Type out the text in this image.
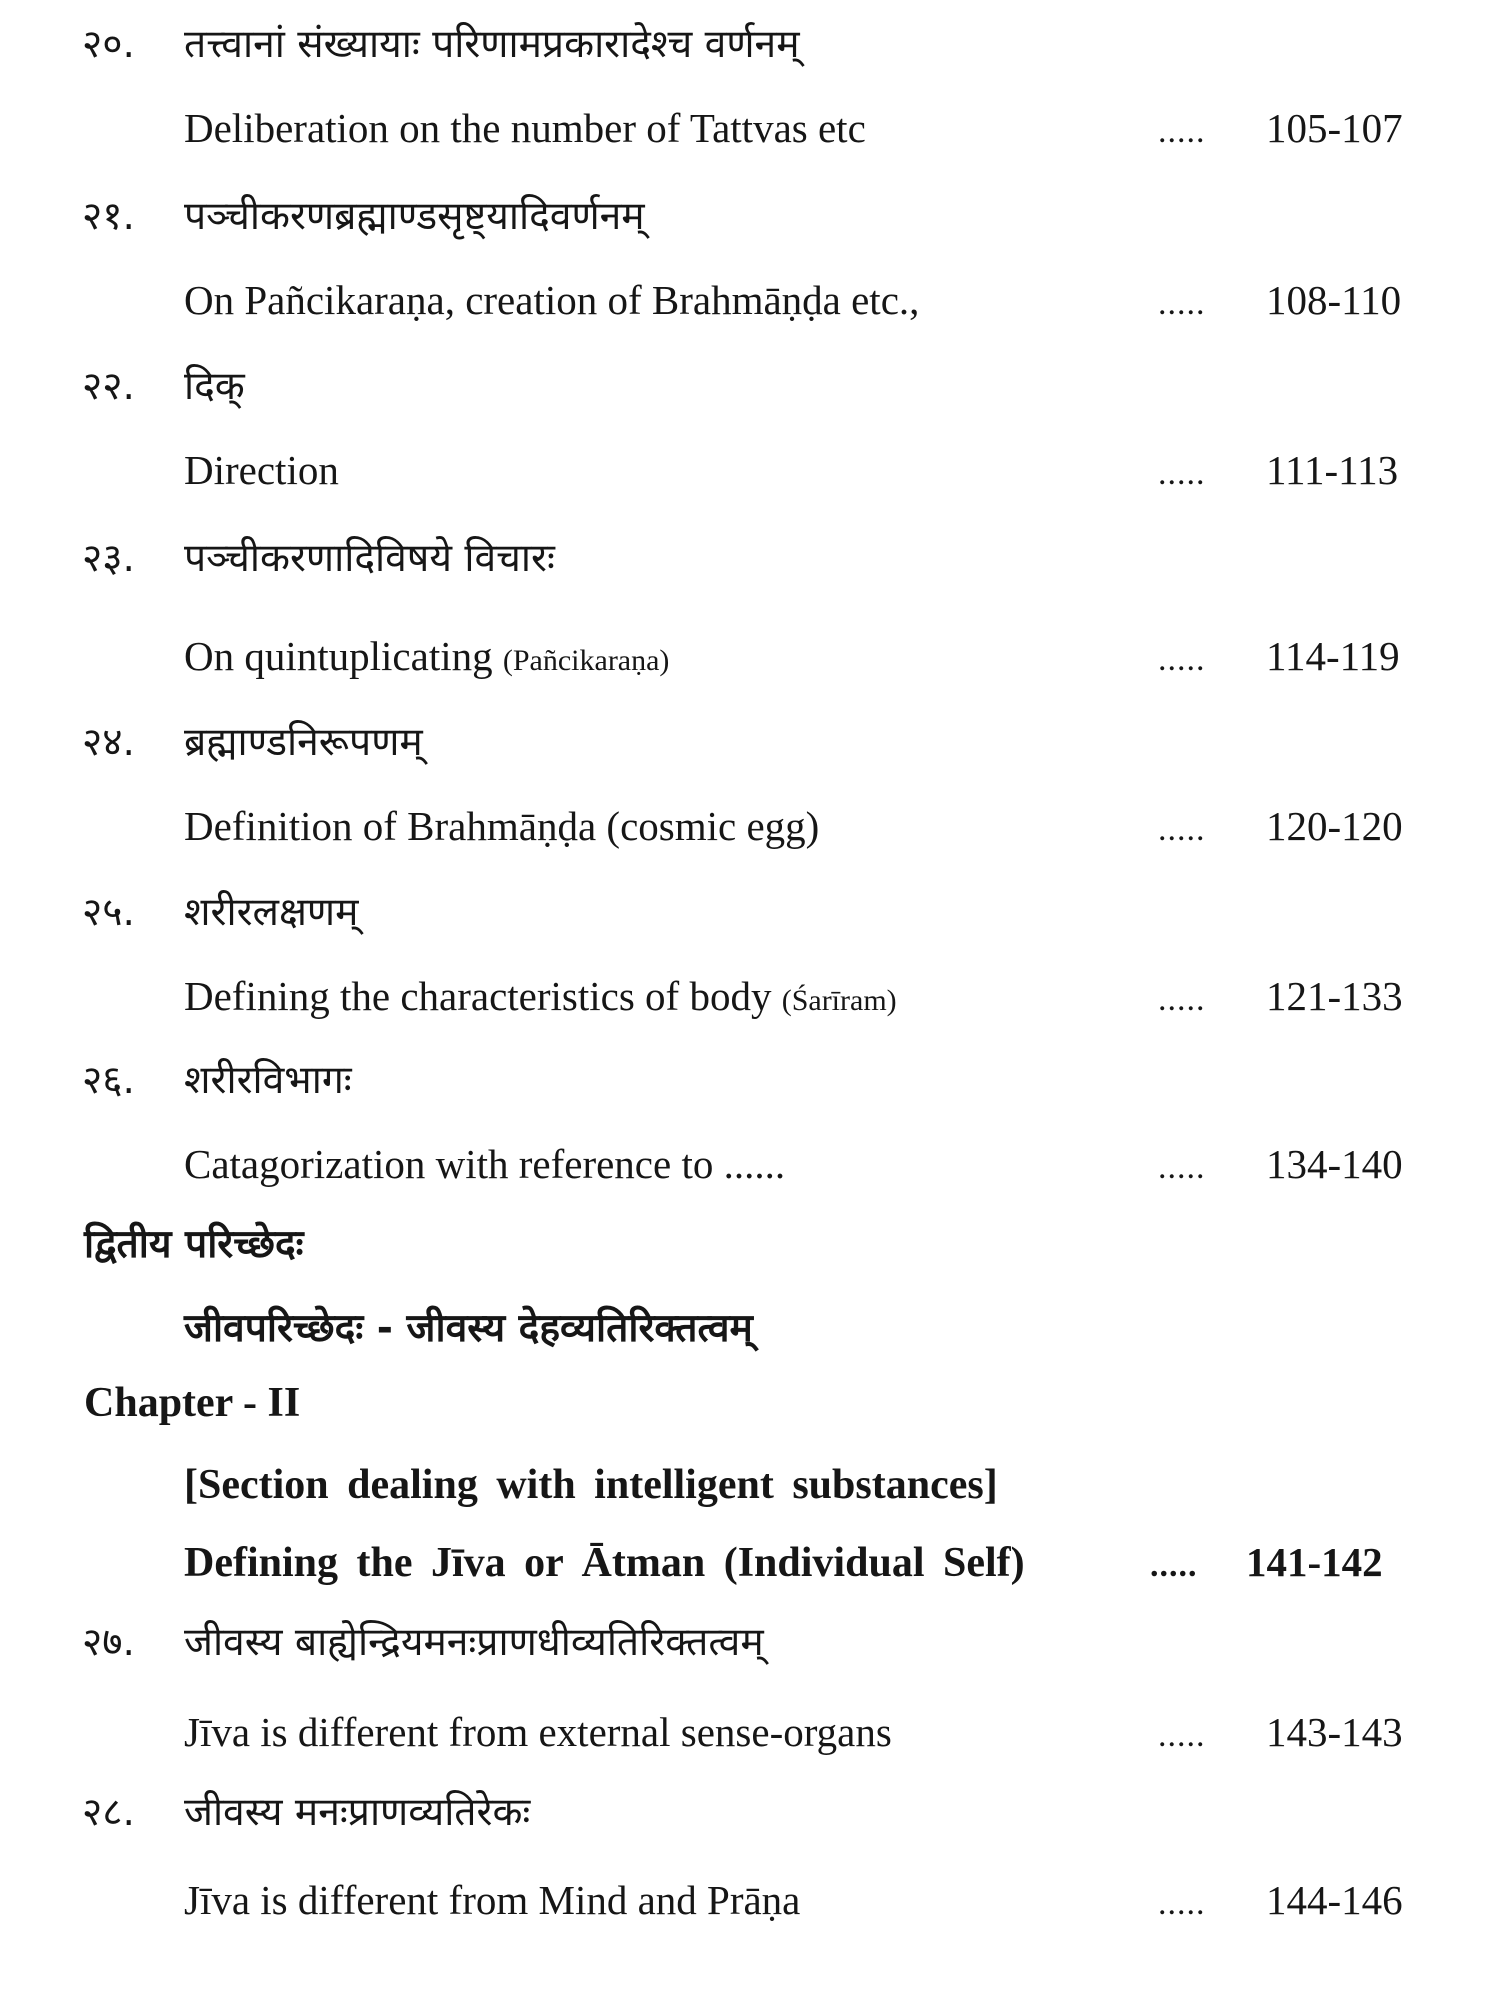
२०. तत्त्वानां संख्यायाः परिणामप्रकारादेश्च वर्णनम्
Deliberation on the number of Tattvas etc	..... 105-107
२१. पञ्चीकरणब्रह्माण्डसृष्ट्यादिवर्णनम्
On Pañcikaraṇa, creation of Brahmāṇḍa etc.,	..... 108-110
२२. दिक्
Direction	..... 111-113
२३. पञ्चीकरणादिविषये विचारः
On quintuplicating (Pañcikaraṇa)	..... 114-119
२४. ब्रह्माण्डनिरूपणम्
Definition of Brahmāṇḍa (cosmic egg)	..... 120-120
२५. शरीरलक्षणम्
Defining the characteristics of body (Śarīram)	..... 121-133
२६. शरीरविभागः
Catagorization with reference to ......	..... 134-140
द्वितीय परिच्छेदः
जीवपरिच्छेदः - जीवस्य देहव्यतिरिक्तत्वम्
Chapter - II
[Section dealing with intelligent substances]
Defining the Jīva or Ātman (Individual Self)	..... 141-142
२७. जीवस्य बाह्येन्द्रियमनःप्राणधीव्यतिरिक्तत्वम्
Jīva is different from external sense-organs	..... 143-143
२८. जीवस्य मनःप्राणव्यतिरेकः
Jīva is different from Mind and Prāṇa	..... 144-146
